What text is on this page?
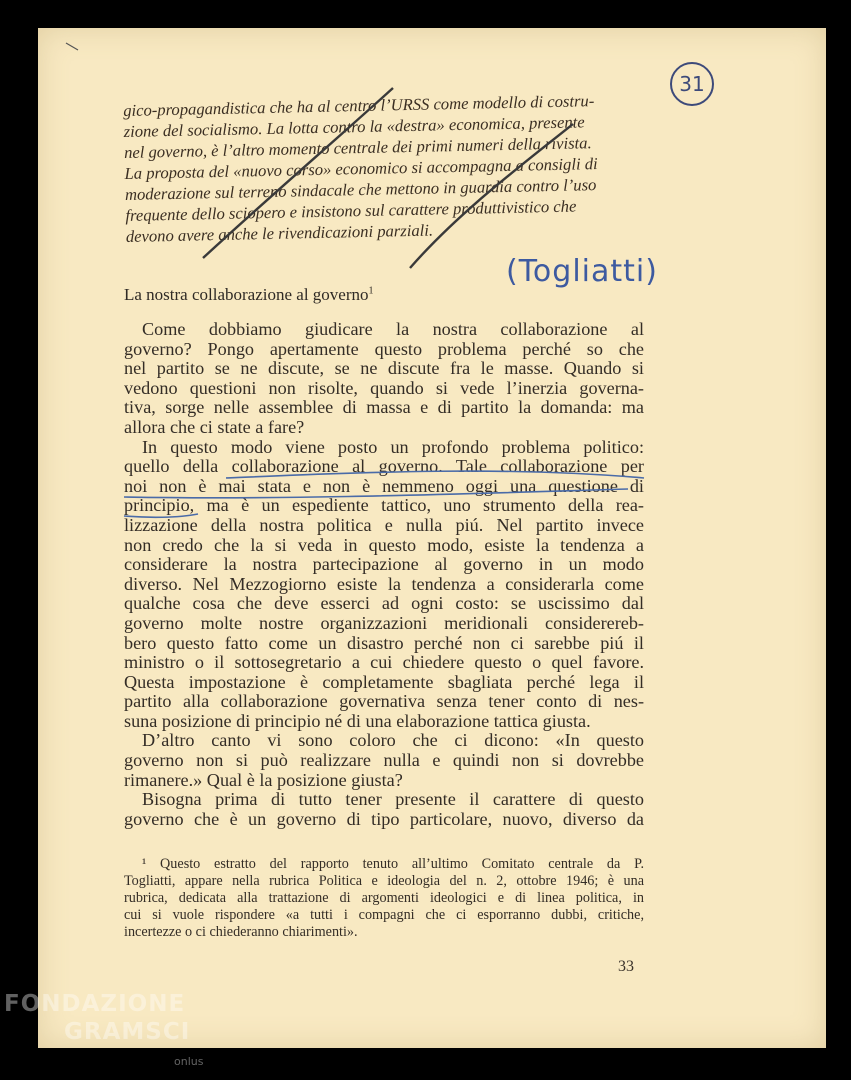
31
gico-propagandistica che ha al centro l’URSS come modello di costru-
zione del socialismo. La lotta contro la «destra» economica, presente
nel governo, è l’altro momento centrale dei primi numeri della rivista.
La proposta del «nuovo corso» economico si accompagna a consigli di
moderazione sul terreno sindacale che mettono in guardia contro l’uso
frequente dello sciopero e insistono sul carattere produttivistico che
devono avere anche le rivendicazioni parziali.
La nostra collaborazione al governo$^1$
(Togliatti)
Come dobbiamo giudicare la nostra collaborazione al
governo? Pongo apertamente questo problema perché so che
nel partito se ne discute, se ne discute fra le masse. Quando si
vedono questioni non risolte, quando si vede l’inerzia governa-
tiva, sorge nelle assemblee di massa e di partito la domanda: ma
allora che ci state a fare?
In questo modo viene posto un profondo problema politico:
quello della collaborazione al governo. Tale collaborazione per
noi non è mai stata e non è nemmeno oggi una questione di
principio, ma è un espediente tattico, uno strumento della rea-
lizzazione della nostra politica e nulla piú. Nel partito invece
non credo che la si veda in questo modo, esiste la tendenza a
considerare la nostra partecipazione al governo in un modo
diverso. Nel Mezzogiorno esiste la tendenza a considerarla come
qualche cosa che deve esserci ad ogni costo: se uscissimo dal
governo molte nostre organizzazioni meridionali considererеb-
bero questo fatto come un disastro perché non ci sarebbe piú il
ministro o il sottosegretario a cui chiedere questo o quel favore.
Questa impostazione è completamente sbagliata perché lega il
partito alla collaborazione governativa senza tener conto di nes-
suna posizione di principio né di una elaborazione tattica giusta.
D’altro canto vi sono coloro che ci dicono: «In questo
governo non si può realizzare nulla e quindi non si dovrebbe
rimanere.» Qual è la posizione giusta?
Bisogna prima di tutto tener presente il carattere di questo
governo che è un governo di tipo particolare, nuovo, diverso da
¹ Questo estratto del rapporto tenuto all’ultimo Comitato centrale da P.
Togliatti, appare nella rubrica Politica e ideologia del n. 2, ottobre 1946; è una
rubrica, dedicata alla trattazione di argomenti ideologici e di linea politica, in
cui si vuole rispondere «a tutti i compagni che ci esporranno dubbi, critiche,
incertezze o ci chiederanno chiarimenti».
33
FONDAZIONE
GRAMSCI
onlus
